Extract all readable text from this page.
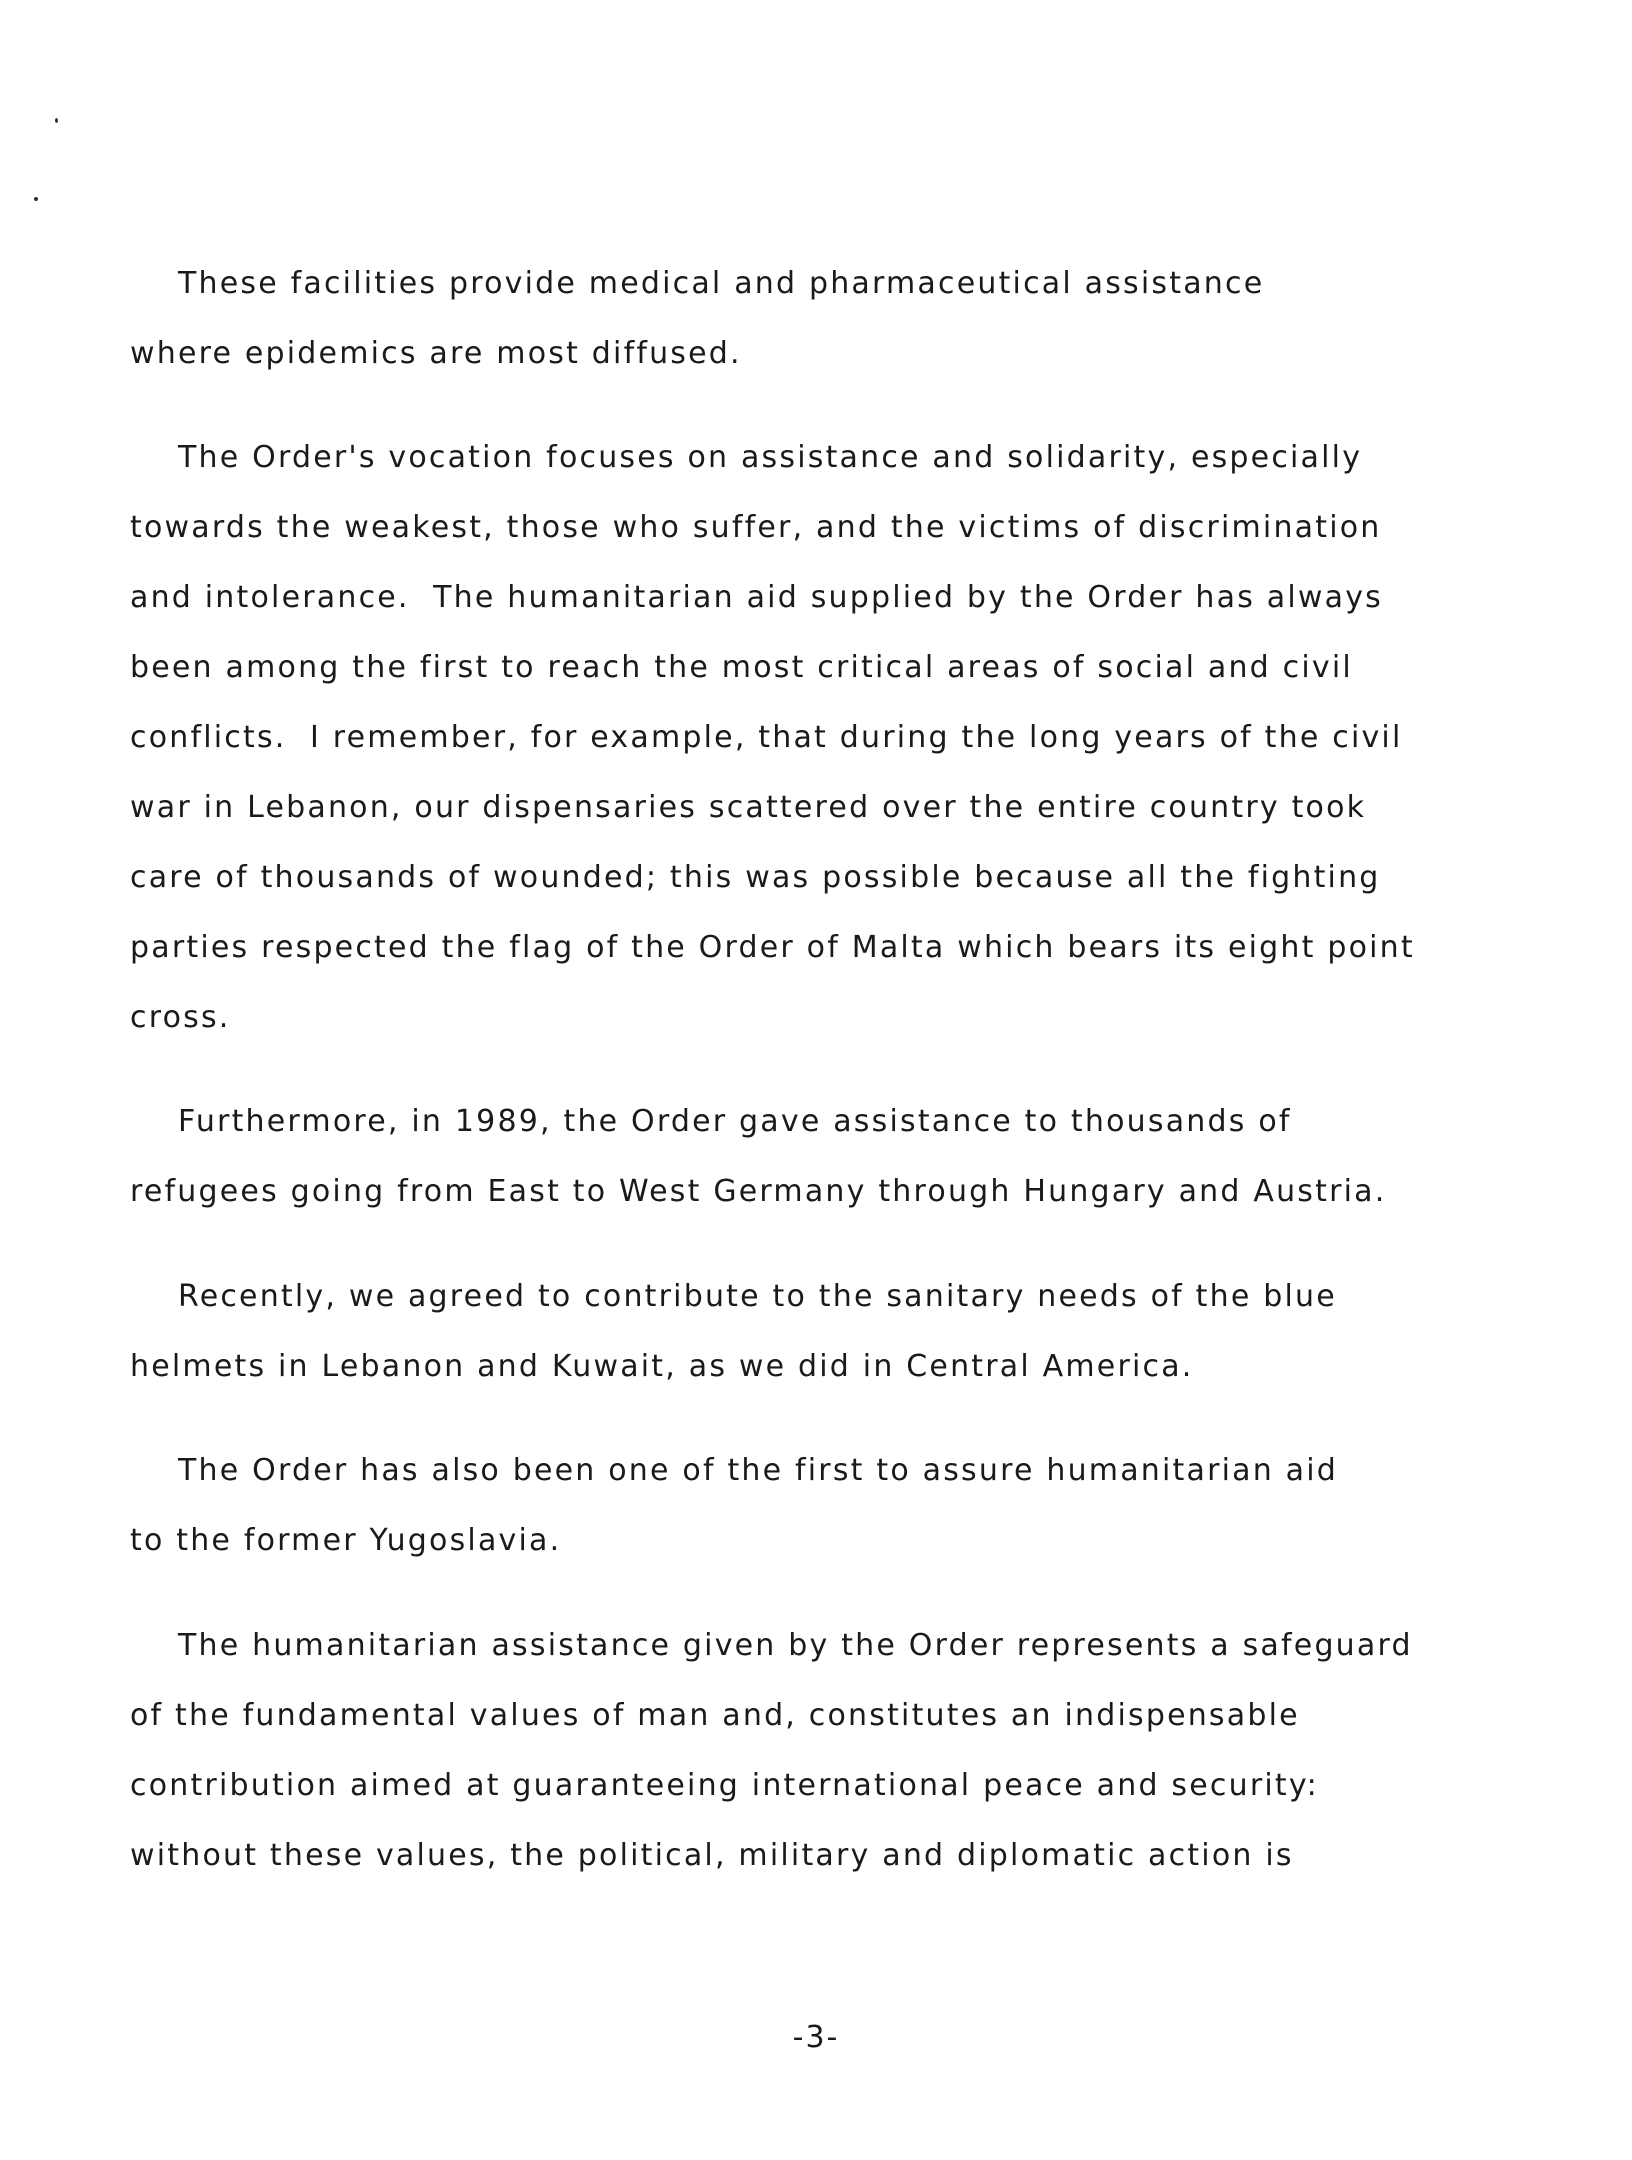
These facilities provide medical and pharmaceutical assistance
where epidemics are most diffused.
The Order's vocation focuses on assistance and solidarity, especially
towards the weakest, those who suffer, and the victims of discrimination
and intolerance.  The humanitarian aid supplied by the Order has always
been among the first to reach the most critical areas of social and civil
conflicts.  I remember, for example, that during the long years of the civil
war in Lebanon, our dispensaries scattered over the entire country took
care of thousands of wounded; this was possible because all the fighting
parties respected the flag of the Order of Malta which bears its eight point
cross.
Furthermore, in 1989, the Order gave assistance to thousands of
refugees going from East to West Germany through Hungary and Austria.
Recently, we agreed to contribute to the sanitary needs of the blue
helmets in Lebanon and Kuwait, as we did in Central America.
The Order has also been one of the first to assure humanitarian aid
to the former Yugoslavia.
The humanitarian assistance given by the Order represents a safeguard
of the fundamental values of man and, constitutes an indispensable
contribution aimed at guaranteeing international peace and security:
without these values, the political, military and diplomatic action is
-3-
